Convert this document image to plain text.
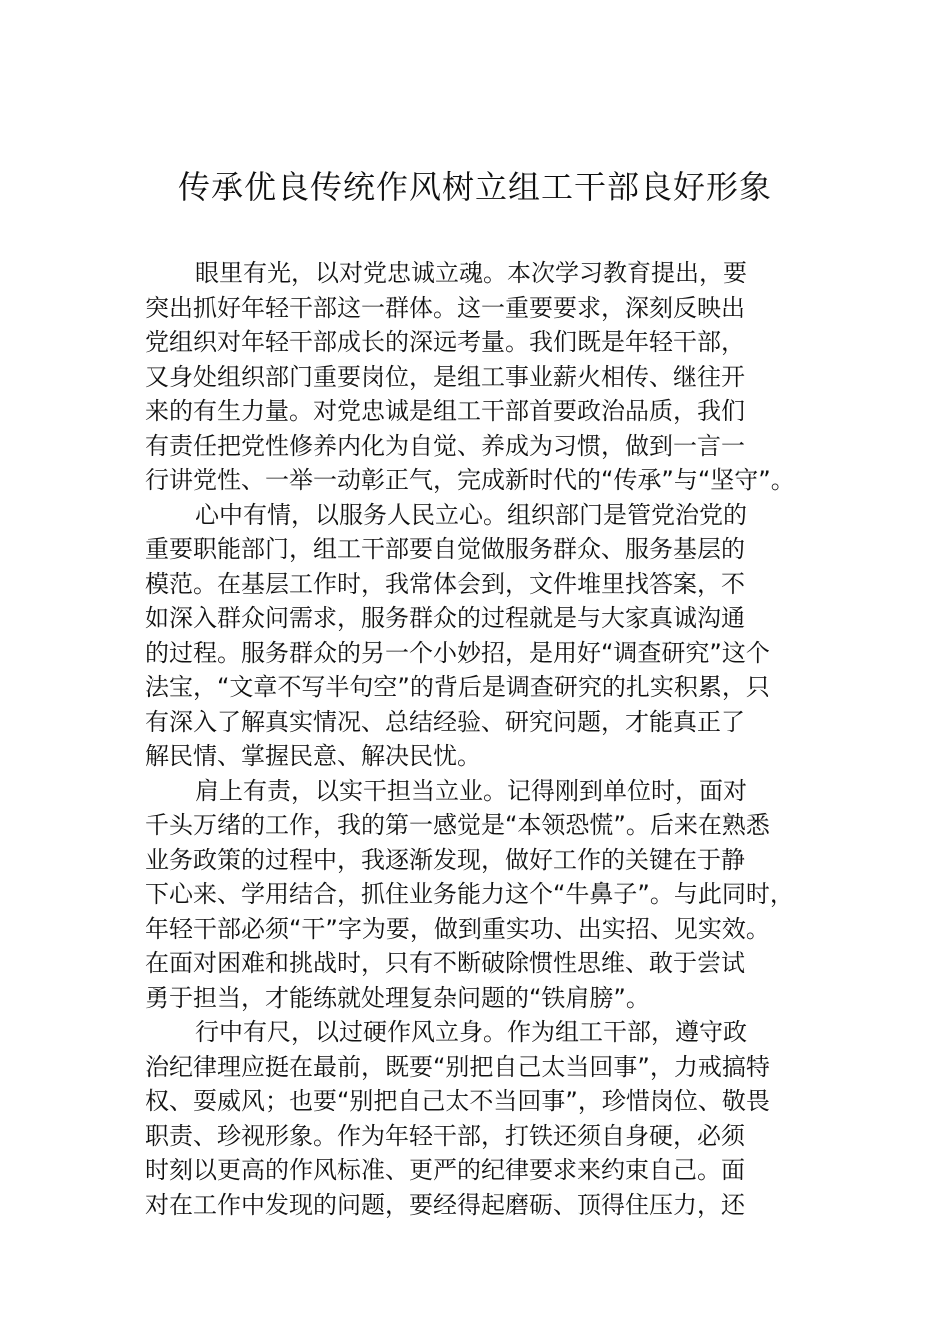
传承优良传统作风树立组工干部良好形象
眼里有光，以对党忠诚立魂。本次学习教育提出，要
突出抓好年轻干部这一群体。这一重要要求，深刻反映出
党组织对年轻干部成长的深远考量。我们既是年轻干部，
又身处组织部门重要岗位，是组工事业薪火相传、继往开
来的有生力量。对党忠诚是组工干部首要政治品质，我们
有责任把党性修养内化为自觉、养成为习惯，做到一言一
行讲党性、一举一动彰正气，完成新时代的“传承”与“坚守”。
心中有情，以服务人民立心。组织部门是管党治党的
重要职能部门，组工干部要自觉做服务群众、服务基层的
模范。在基层工作时，我常体会到，文件堆里找答案，不
如深入群众问需求，服务群众的过程就是与大家真诚沟通
的过程。服务群众的另一个小妙招，是用好“调查研究”这个
法宝，“文章不写半句空”的背后是调查研究的扎实积累，只
有深入了解真实情况、总结经验、研究问题，才能真正了
解民情、掌握民意、解决民忧。
肩上有责，以实干担当立业。记得刚到单位时，面对
千头万绪的工作，我的第一感觉是“本领恐慌”。后来在熟悉
业务政策的过程中，我逐渐发现，做好工作的关键在于静
下心来、学用结合，抓住业务能力这个“牛鼻子”。与此同时，
年轻干部必须“干”字为要，做到重实功、出实招、见实效。
在面对困难和挑战时，只有不断破除惯性思维、敢于尝试
勇于担当，才能练就处理复杂问题的“铁肩膀”。
行中有尺，以过硬作风立身。作为组工干部，遵守政
治纪律理应挺在最前，既要“别把自己太当回事”，力戒搞特
权、耍威风；也要“别把自己太不当回事”，珍惜岗位、敬畏
职责、珍视形象。作为年轻干部，打铁还须自身硬，必须
时刻以更高的作风标准、更严的纪律要求来约束自己。面
对在工作中发现的问题，要经得起磨砺、顶得住压力，还
